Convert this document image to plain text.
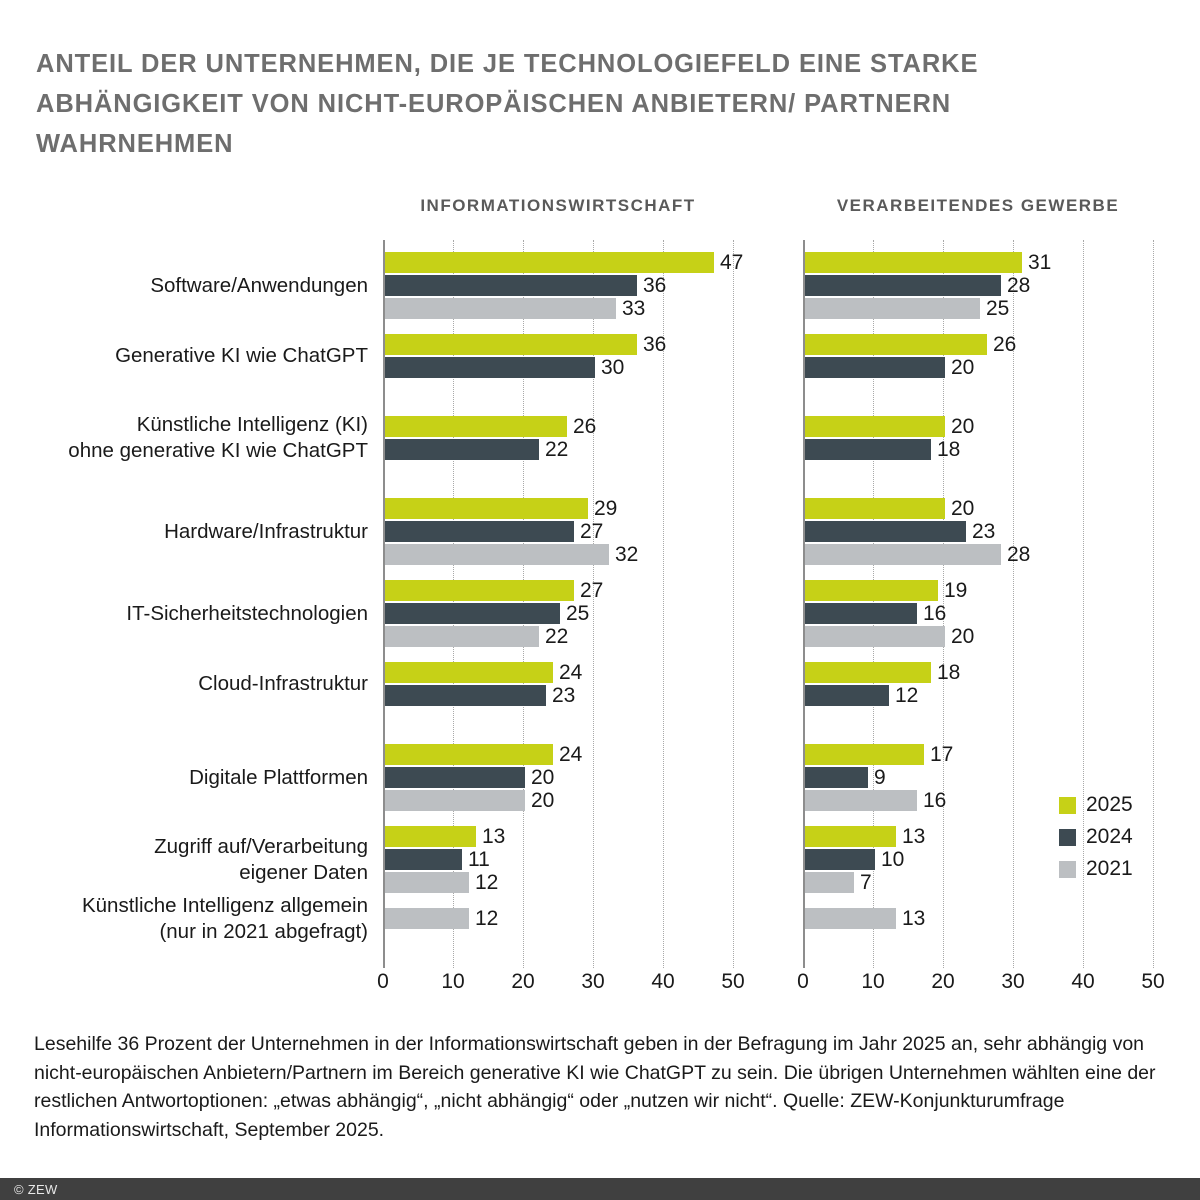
ANTEIL DER UNTERNEHMEN, DIE JE TECHNOLOGIEFELD EINE STARKE ABHÄNGIGKEIT VON NICHT-EUROPÄISCHEN ANBIETERN/ PARTNERN WAHRNEHMEN
INFORMATIONSWIRTSCHAFT	VERARBEITENDES GEWERBE
Software/Anwendungen
Generative KI wie ChatGPT
Künstliche Intelligenz (KI)
ohne generative KI wie ChatGPT
Hardware/Infrastruktur
IT-Sicherheitstechnologien
Cloud-Infrastruktur
Digitale Plattformen
Zugriff auf/Verarbeitung
eigener Daten
Künstliche Intelligenz allgemein
(nur in 2021 abgefragt)
47
36
33
36
30
26
22
29
27
32
27
25
22
24
23
24
20
20
13
11
12
12
31
28
25
26
20
20
18
20
23
28
19
16
20
18
12
17
9
16
13
10
7
13
0 10 20 30 40 50 0 10 20 30 40 50
2025
2024
2021
Lesehilfe 36 Prozent der Unternehmen in der Informationswirtschaft geben in der Befragung im Jahr 2025 an, sehr abhängig von nicht-europäischen Anbietern/Partnern im Bereich generative KI wie ChatGPT zu sein. Die übrigen Unternehmen wählten eine der restlichen Antwortoptionen: „etwas abhängig“, „nicht abhängig“ oder „nutzen wir nicht“. Quelle: ZEW-Konjunkturumfrage Informationswirtschaft, September 2025.
© ZEW
